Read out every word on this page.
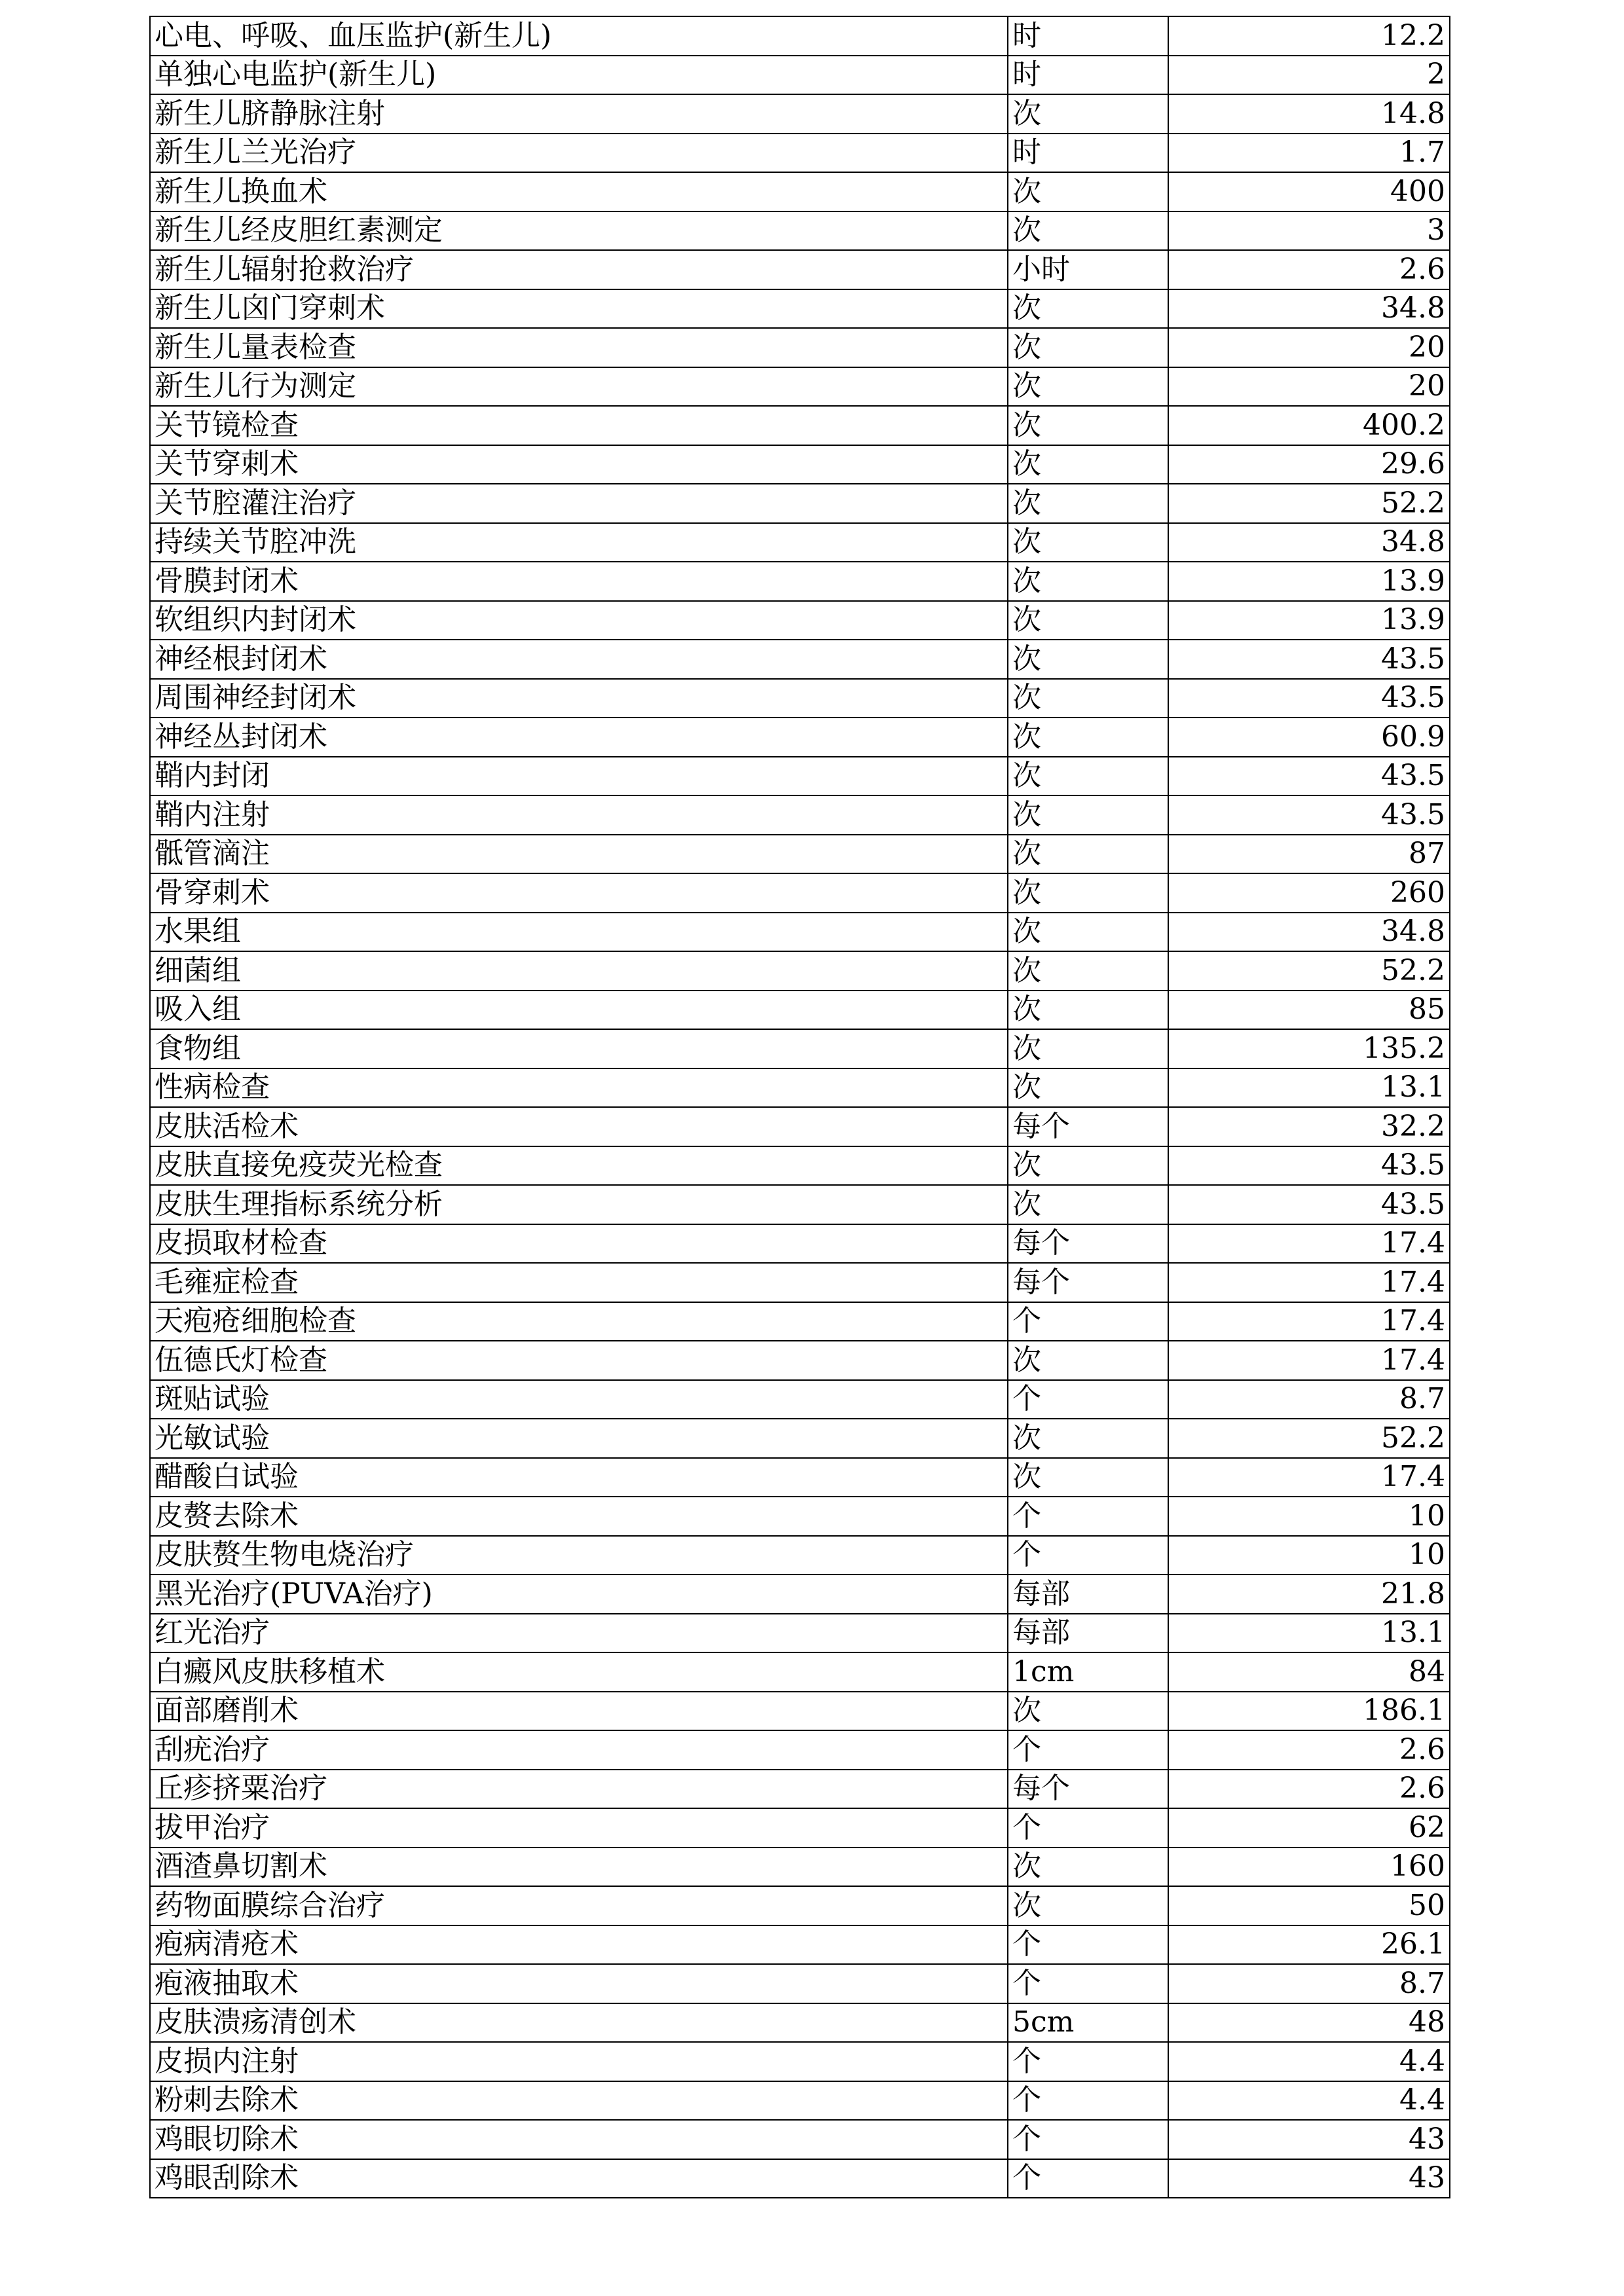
心电、呼吸、血压监护(新生儿)	时	12.2
单独心电监护(新生儿)	时	2
新生儿脐静脉注射	次	14.8
新生儿兰光治疗	时	1.7
新生儿换血术	次	400
新生儿经皮胆红素测定	次	3
新生儿辐射抢救治疗	小时	2.6
新生儿囟门穿刺术	次	34.8
新生儿量表检查	次	20
新生儿行为测定	次	20
关节镜检查	次	400.2
关节穿刺术	次	29.6
关节腔灌注治疗	次	52.2
持续关节腔冲洗	次	34.8
骨膜封闭术	次	13.9
软组织内封闭术	次	13.9
神经根封闭术	次	43.5
周围神经封闭术	次	43.5
神经丛封闭术	次	60.9
鞘内封闭	次	43.5
鞘内注射	次	43.5
骶管滴注	次	87
骨穿刺术	次	260
水果组	次	34.8
细菌组	次	52.2
吸入组	次	85
食物组	次	135.2
性病检查	次	13.1
皮肤活检术	每个	32.2
皮肤直接免疫荧光检查	次	43.5
皮肤生理指标系统分析	次	43.5
皮损取材检查	每个	17.4
毛雍症检查	每个	17.4
天疱疮细胞检查	个	17.4
伍德氏灯检查	次	17.4
斑贴试验	个	8.7
光敏试验	次	52.2
醋酸白试验	次	17.4
皮赘去除术	个	10
皮肤赘生物电烧治疗	个	10
黑光治疗(PUVA治疗)	每部	21.8
红光治疗	每部	13.1
白癜风皮肤移植术	1cm	84
面部磨削术	次	186.1
刮疣治疗	个	2.6
丘疹挤粟治疗	每个	2.6
拔甲治疗	个	62
酒渣鼻切割术	次	160
药物面膜综合治疗	次	50
疱病清疮术	个	26.1
疱液抽取术	个	8.7
皮肤溃疡清创术	5cm	48
皮损内注射	个	4.4
粉刺去除术	个	4.4
鸡眼切除术	个	43
鸡眼刮除术	个	43
